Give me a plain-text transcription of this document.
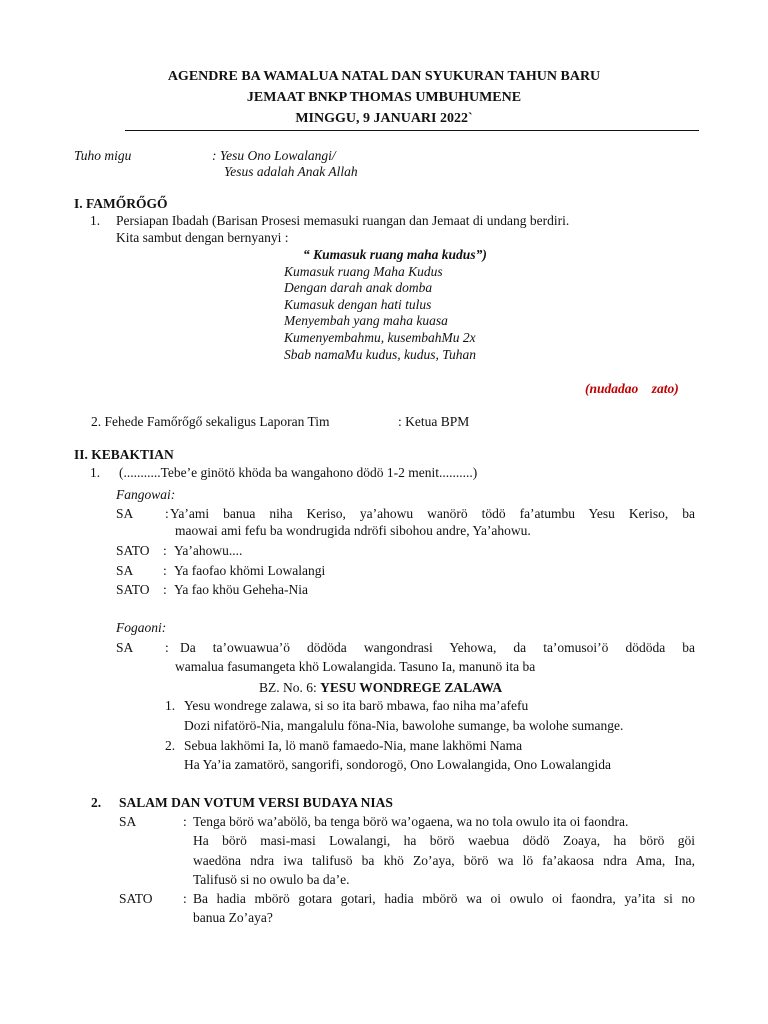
AGENDRE BA WAMALUA NATAL DAN SYUKURAN TAHUN BARU
JEMAAT BNKP THOMAS UMBUHUMENE
MINGGU, 9 JANUARI 2022`
Tuho migu	: Yesu Ono Lowalangi/
Yesus adalah Anak Allah
I. FAMŐRŐGŐ
1. Persiapan Ibadah (Barisan Prosesi memasuki ruangan dan Jemaat di undang berdiri.
Kita sambut dengan bernyanyi :
“ Kumasuk ruang maha kudus”)
Kumasuk ruang Maha Kudus
Dengan darah anak domba
Kumasuk dengan hati tulus
Menyembah yang maha kuasa
Kumenyembahmu, kusembahMu 2x
Sbab namaMu kudus, kudus, Tuhan
(nudadao    zato)
2. Fehede Famőrőgő sekaligus Laporan Tim	: Ketua BPM
II. KEBAKTIAN
1. (...........Tebe’e ginötö khöda ba wangahono dödö 1-2 menit..........)
Fangowai:
SA : Ya’ami banua niha Keriso, ya’ahowu wanörö tödö fa’atumbu Yesu Keriso, ba
maowai ami fefu ba wondrugida ndröfi sibohou andre, Ya’ahowu.
SATO : Ya’ahowu....
SA : Ya faofao khömi Lowalangi
SATO : Ya fao khöu Geheha-Nia
Fogaoni:
SA : Da ta’owuawua’ö dödöda wangondrasi Yehowa, da ta’omusoi’ö dödöda ba
wamalua fasumangeta khö Lowalangida. Tasuno Ia, manunö ita ba
BZ. No. 6: YESU WONDREGE ZALAWA
1. Yesu wondrege zalawa, si so ita barö mbawa, fao niha ma’afefu
Dozi nifatörö-Nia, mangalulu föna-Nia, bawolohe sumange, ba wolohe sumange.
2. Sebua lakhömi Ia, lö manö famaedo-Nia, mane lakhömi Nama
Ha Ya’ia zamatörö, sangorifi, sondorogö, Ono Lowalangida, Ono Lowalangida
2. SALAM DAN VOTUM VERSI BUDAYA NIAS
SA	: Tenga börö wa’abölö, ba tenga börö wa’ogaena, wa no tola owulo ita oi faondra.
Ha börö masi-masi Lowalangi, ha börö waebua dödö Zoaya, ha börö göi
waedöna ndra iwa talifusö ba khö Zo’aya, börö wa lö fa’akaosa ndra Ama, Ina,
Talifusö si no owulo ba da’e.
SATO : Ba hadia mbörö gotara gotari, hadia mbörö wa oi owulo oi faondra, ya’ita si no
banua Zo’aya?
